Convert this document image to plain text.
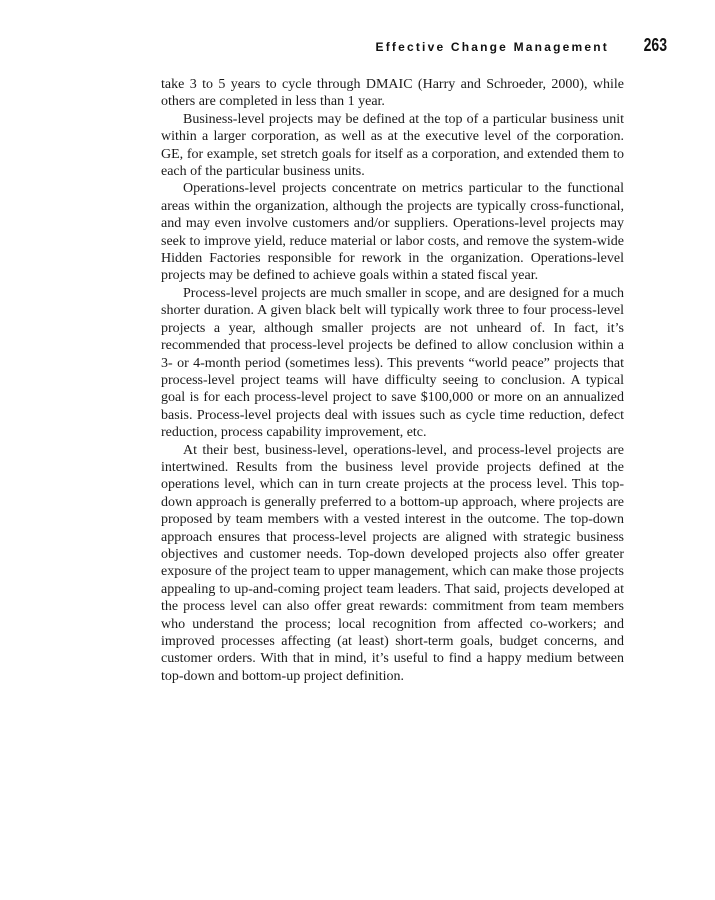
Effective Change Management 263

take 3 to 5 years to cycle through DMAIC (Harry and Schroeder, 2000), while others are completed in less than 1 year.

Business-level projects may be defined at the top of a particular business unit within a larger corporation, as well as at the executive level of the corporation. GE, for example, set stretch goals for itself as a corporation, and extended them to each of the particular business units.

Operations-level projects concentrate on metrics particular to the functional areas within the organization, although the projects are typically cross-functional, and may even involve customers and/or suppliers. Operations-level projects may seek to improve yield, reduce material or labor costs, and remove the system-wide Hidden Factories responsible for rework in the organization. Operations-level projects may be defined to achieve goals within a stated fiscal year.

Process-level projects are much smaller in scope, and are designed for a much shorter duration. A given black belt will typically work three to four process-level projects a year, although smaller projects are not unheard of. In fact, it’s recommended that process-level projects be defined to allow conclusion within a 3- or 4-month period (sometimes less). This prevents “world peace” projects that process-level project teams will have difficulty seeing to conclusion. A typical goal is for each process-level project to save $100,000 or more on an annualized basis. Process-level projects deal with issues such as cycle time reduction, defect reduction, process capability improvement, etc.

At their best, business-level, operations-level, and process-level projects are intertwined. Results from the business level provide projects defined at the operations level, which can in turn create projects at the process level. This top-down approach is generally preferred to a bottom-up approach, where projects are proposed by team members with a vested interest in the outcome. The top-down approach ensures that process-level projects are aligned with strategic business objectives and customer needs. Top-down developed projects also offer greater exposure of the project team to upper management, which can make those projects appealing to up-and-coming project team leaders. That said, projects developed at the process level can also offer great rewards: commitment from team members who understand the process; local recognition from affected co-workers; and improved processes affecting (at least) short-term goals, budget concerns, and customer orders. With that in mind, it’s useful to find a happy medium between top-down and bottom-up project definition.
